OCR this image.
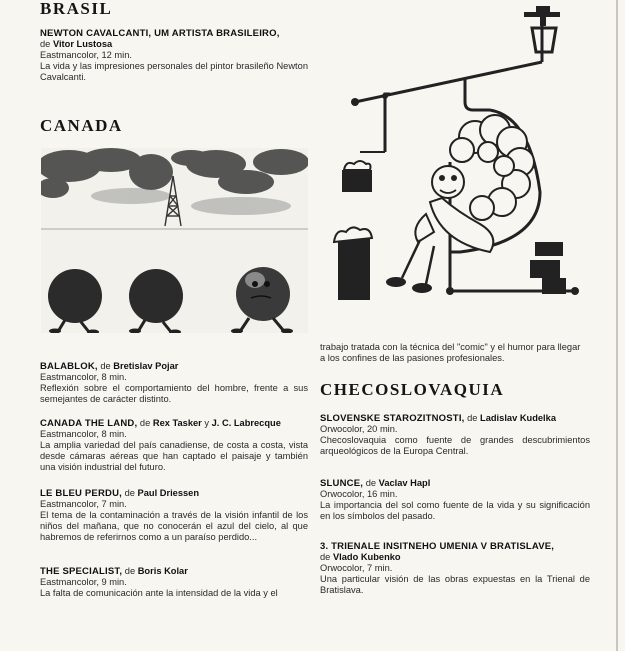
BRASIL

NEWTON CAVALCANTI, UM ARTISTA BRASILEIRO,

de Vitor Lustosa

Eastmancolor, 12 min.

La vida y las impresiones personales del pintor brasileño Newton Cavalcanti.

CANADA

BALABLOK, de Bretislav Pojar

Eastmancolor, 8 min.

Reflexión sobre el comportamiento del hombre, frente a sus semejantes de carácter distinto.

CANADA THE LAND, de Rex Tasker y J. C. Labrecque

Eastmancolor, 8 min.

La amplia variedad del país canadiense, de costa a costa, vista desde cámaras aéreas que han captado el paisaje y también una visión industrial del futuro.

LE BLEU PERDU, de Paul Driessen

Eastmancolor, 7 min.

El tema de la contaminación a través de la visión infantil de los niños del mañana, que no conocerán el azul del cielo, al que habremos de referirnos como a un paraíso perdido...

THE SPECIALIST, de Boris Kolar

Eastmancolor, 9 min.

La falta de comunicación ante la intensidad de la vida y el

trabajo tratada con la técnica del "comic" y el humor para llegar a los confines de las pasiones profesionales.

CHECOSLOVAQUIA

SLOVENSKE STAROZITNOSTI, de Ladislav Kudelka

Orwocolor, 20 min.

Checoslovaquia como fuente de grandes descubrimientos arqueológicos de la Europa Central.

SLUNCE, de Vaclav Hapl

Orwocolor, 16 min.

La importancia del sol como fuente de la vida y su significación en los símbolos del pasado.

3. TRIENALE INSITNEHO UMENIA V BRATISLAVE,

de Vlado Kubenko

Orwocolor, 7 min.

Una particular visión de las obras expuestas en la Trienal de Bratislava.
